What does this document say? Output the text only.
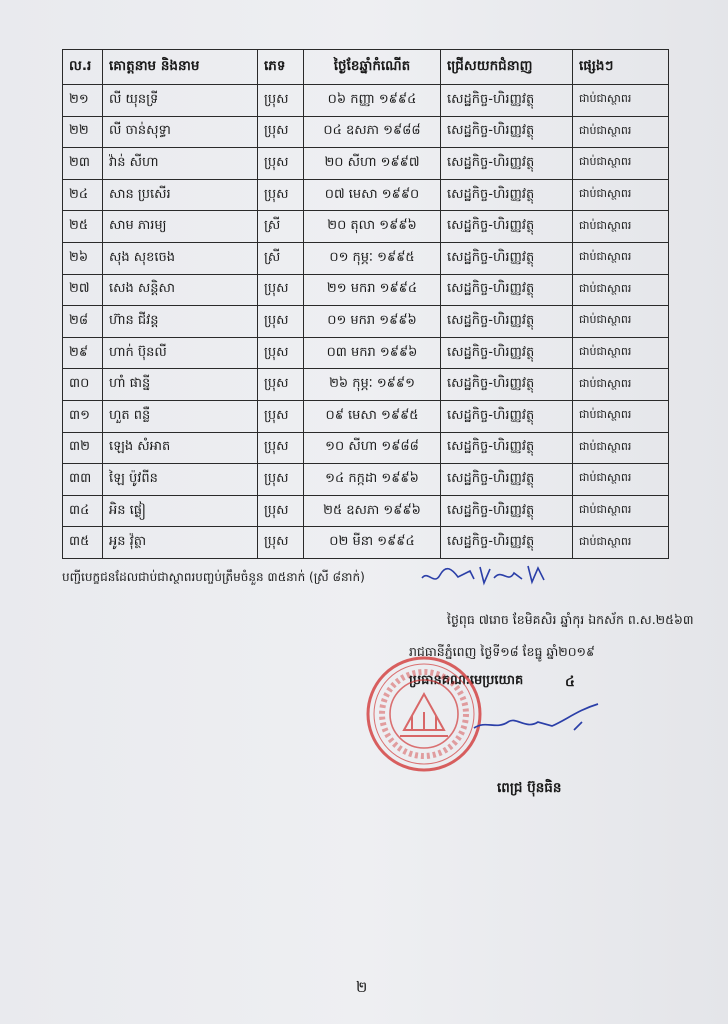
ល.រ	គោត្តនាម និងនាម	ភេទ	ថ្ងៃខែឆ្នាំកំណើត	ជ្រើសយកជំនាញ	ផ្សេងៗ
២១	លី យុនទ្រី	ប្រុស	០៦ កញ្ញា ១៩៩៤	សេដ្ឋកិច្ច-ហិរញ្ញវត្ថុ	ជាប់ជាស្ថាពរ
២២	លី ចាន់សុទ្ធា	ប្រុស	០៤ ឧសភា ១៩៨៨	សេដ្ឋកិច្ច-ហិរញ្ញវត្ថុ	ជាប់ជាស្ថាពរ
២៣	វ៉ាន់ សីហា	ប្រុស	២០ សីហា ១៩៩៧	សេដ្ឋកិច្ច-ហិរញ្ញវត្ថុ	ជាប់ជាស្ថាពរ
២៤	សាន ប្រសើរ	ប្រុស	០៧ មេសា ១៩៩០	សេដ្ឋកិច្ច-ហិរញ្ញវត្ថុ	ជាប់ជាស្ថាពរ
២៥	សាម ភារម្យ	ស្រី	២០ តុលា ១៩៩៦	សេដ្ឋកិច្ច-ហិរញ្ញវត្ថុ	ជាប់ជាស្ថាពរ
២៦	សុង សុខចេង	ស្រី	០១ កុម្ភៈ ១៩៩៥	សេដ្ឋកិច្ច-ហិរញ្ញវត្ថុ	ជាប់ជាស្ថាពរ
២៧	សេង សន្តិសា	ប្រុស	២១ មករា ១៩៩៤	សេដ្ឋកិច្ច-ហិរញ្ញវត្ថុ	ជាប់ជាស្ថាពរ
២៨	ហ៊ាន ជីវន្ត	ប្រុស	០១ មករា ១៩៩៦	សេដ្ឋកិច្ច-ហិរញ្ញវត្ថុ	ជាប់ជាស្ថាពរ
២៩	ហាក់ ប៊ុនលី	ប្រុស	០៣ មករា ១៩៩៦	សេដ្ឋកិច្ច-ហិរញ្ញវត្ថុ	ជាប់ជាស្ថាពរ
៣០	ហាំ ផាន្នី	ប្រុស	២៦ កុម្ភៈ ១៩៩១	សេដ្ឋកិច្ច-ហិរញ្ញវត្ថុ	ជាប់ជាស្ថាពរ
៣១	ហួត ពន្លឺ	ប្រុស	០៩ មេសា ១៩៩៥	សេដ្ឋកិច្ច-ហិរញ្ញវត្ថុ	ជាប់ជាស្ថាពរ
៣២	ឡេង សំអាត	ប្រុស	១០ សីហា ១៩៨៨	សេដ្ឋកិច្ច-ហិរញ្ញវត្ថុ	ជាប់ជាស្ថាពរ
៣៣	ឡៃ ប៉ូវពីន	ប្រុស	១៤ កក្កដា ១៩៩៦	សេដ្ឋកិច្ច-ហិរញ្ញវត្ថុ	ជាប់ជាស្ថាពរ
៣៤	អិន ផ្ងៀ	ប្រុស	២៥ ឧសភា ១៩៩៦	សេដ្ឋកិច្ច-ហិរញ្ញវត្ថុ	ជាប់ជាស្ថាពរ
៣៥	អូន វ៉ុត្ថា	ប្រុស	០២ មីនា ១៩៩៤	សេដ្ឋកិច្ច-ហិរញ្ញវត្ថុ	ជាប់ជាស្ថាពរ
បញ្ជីបេក្ខជនដែលជាប់ជាស្ថាពរបញ្ចប់ត្រឹមចំនួន ៣៥នាក់ (ស្រី ៨នាក់)
ថ្ងៃពុធ ៧រោច ខែមិគសិរ ឆ្នាំកុរ ឯកស័ក ព.ស.២៥៦៣
រាជធានីភ្នំពេញ ថ្ងៃទី១៨ ខែធ្នូ ឆ្នាំ២០១៩
ប្រធានគណៈមេប្រយោគ	៤
ពេជ្រ ប៊ុនធិន
២
